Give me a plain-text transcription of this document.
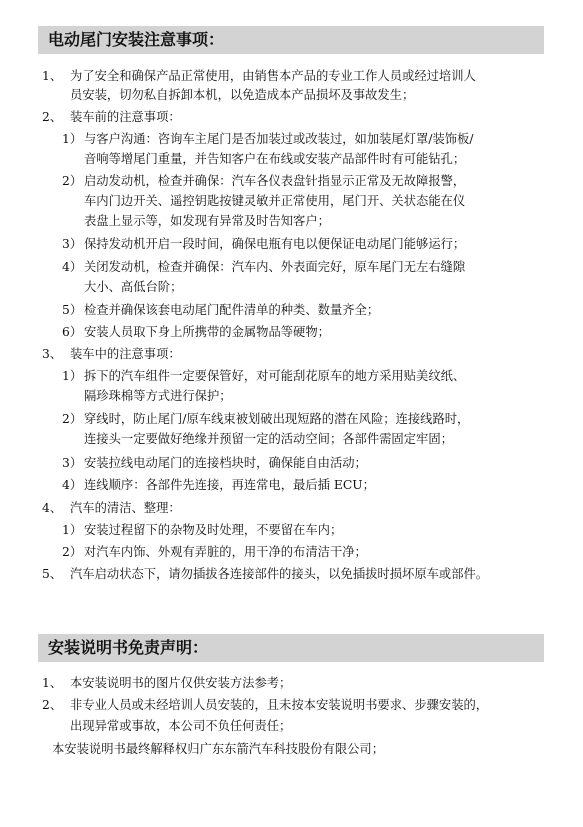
电动尾门安装注意事项：
1、 为了安全和确保产品正常使用，由销售本产品的专业工作人员或经过培训人
员安装，切勿私自拆卸本机，以免造成本产品损坏及事故发生；
2、 装车前的注意事项：
1） 与客户沟通：咨询车主尾门是否加装过或改装过，如加装尾灯罩/装饰板/
音响等增尾门重量，并告知客户在布线或安装产品部件时有可能钻孔；
2） 启动发动机，检查并确保：汽车各仪表盘针指显示正常及无故障报警，
车内门边开关、遥控钥匙按键灵敏并正常使用，尾门开、关状态能在仪
表盘上显示等，如发现有异常及时告知客户；
3） 保持发动机开启一段时间，确保电瓶有电以便保证电动尾门能够运行；
4） 关闭发动机，检查并确保：汽车内、外表面完好，原车尾门无左右缝隙
大小、高低台阶；
5） 检查并确保该套电动尾门配件清单的种类、数量齐全；
6） 安装人员取下身上所携带的金属物品等硬物；
3、 装车中的注意事项：
1） 拆下的汽车组件一定要保管好，对可能刮花原车的地方采用贴美纹纸、
隔珍珠棉等方式进行保护；
2） 穿线时，防止尾门/原车线束被划破出现短路的潜在风险；连接线路时，
连接头一定要做好绝缘并预留一定的活动空间；各部件需固定牢固；
3） 安装拉线电动尾门的连接档块时，确保能自由活动；
4） 连线顺序：各部件先连接，再连常电，最后插 ECU；
4、 汽车的清洁、整理：
1） 安装过程留下的杂物及时处理，不要留在车内；
2） 对汽车内饰、外观有弄脏的，用干净的布清洁干净；
5、 汽车启动状态下，请勿插拔各连接部件的接头，以免插拔时损坏原车或部件。
安装说明书免责声明：
1、 本安装说明书的图片仅供安装方法参考；
2、 非专业人员或未经培训人员安装的，且未按本安装说明书要求、步骤安装的，
出现异常或事故，本公司不负任何责任；
本安装说明书最终解释权归广东东箭汽车科技股份有限公司；
